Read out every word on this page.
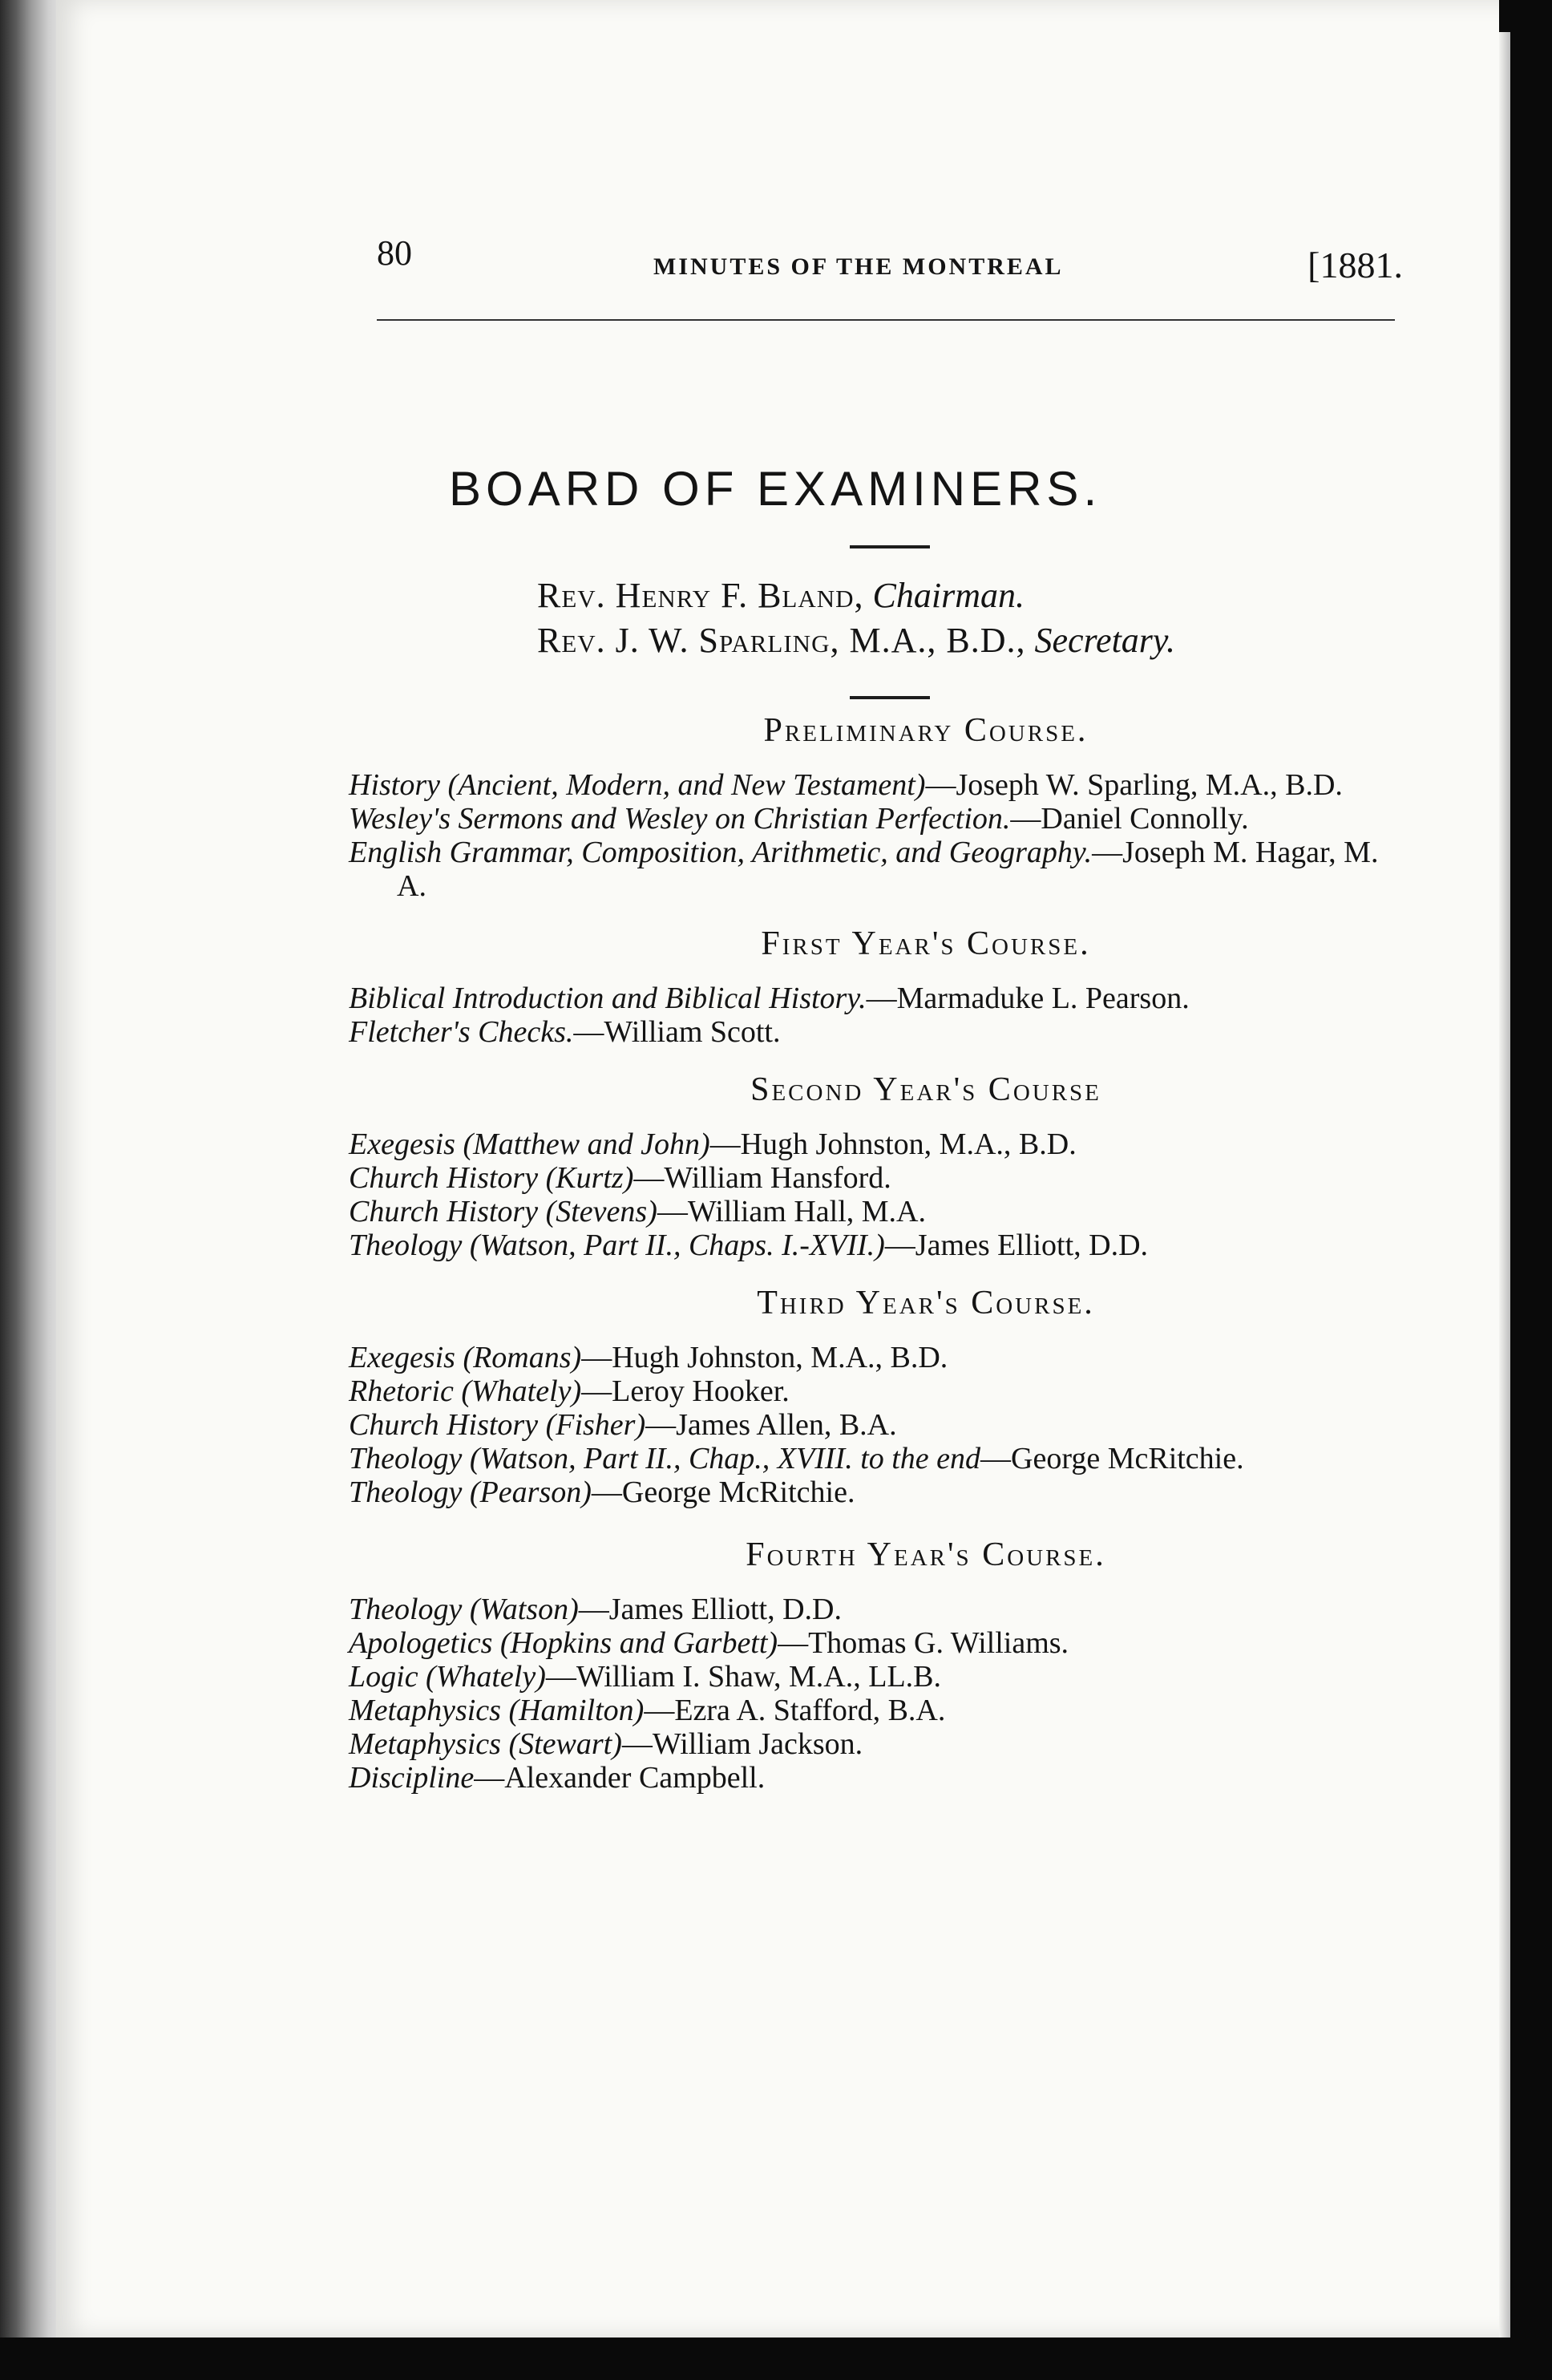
80	MINUTES OF THE MONTREAL	[1881.
BOARD OF EXAMINERS.
Rev. Henry F. Bland, Chairman.
Rev. J. W. Sparling, M.A., B.D., Secretary.

Preliminary Course.

History (Ancient, Modern, and New Testament)—Joseph W. Sparling, M.A., B.D.

Wesley's Sermons and Wesley on Christian Perfection.—Daniel Connolly.

English Grammar, Composition, Arithmetic, and Geography.—Joseph M. Hagar, M. A.

First Year's Course.

Biblical Introduction and Biblical History.—Marmaduke L. Pearson.

Fletcher's Checks.—William Scott.

Second Year's Course

Exegesis (Matthew and John)—Hugh Johnston, M.A., B.D.

Church History (Kurtz)—William Hansford.

Church History (Stevens)—William Hall, M.A.

Theology (Watson, Part II., Chaps. I.-XVII.)—James Elliott, D.D.

Third Year's Course.

Exegesis (Romans)—Hugh Johnston, M.A., B.D.

Rhetoric (Whately)—Leroy Hooker.

Church History (Fisher)—James Allen, B.A.

Theology (Watson, Part II., Chap., XVIII. to the end—George McRitchie.

Theology (Pearson)—George McRitchie.

Fourth Year's Course.

Theology (Watson)—James Elliott, D.D.

Apologetics (Hopkins and Garbett)—Thomas G. Williams.

Logic (Whately)—William I. Shaw, M.A., LL.B.

Metaphysics (Hamilton)—Ezra A. Stafford, B.A.

Metaphysics (Stewart)—William Jackson.

Discipline—Alexander Campbell.
